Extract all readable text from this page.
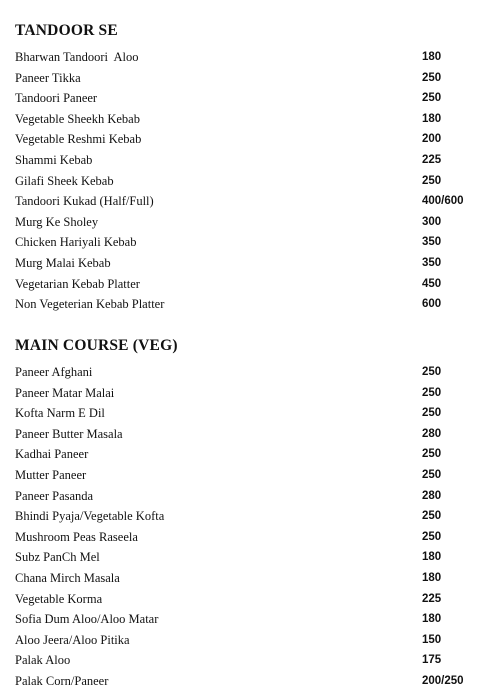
TANDOOR SE
Bharwan Tandoori  Aloo	180
Paneer Tikka	250
Tandoori Paneer	250
Vegetable Sheekh Kebab	180
Vegetable Reshmi Kebab	200
Shammi Kebab	225
Gilafi Sheek Kebab	250
Tandoori Kukad (Half/Full)	400/600
Murg Ke Sholey	300
Chicken Hariyali Kebab	350
Murg Malai Kebab	350
Vegetarian Kebab Platter	450
Non Vegeterian Kebab Platter	600
MAIN COURSE (VEG)
Paneer Afghani	250
Paneer Matar Malai	250
Kofta Narm E Dil	250
Paneer Butter Masala	280
Kadhai Paneer	250
Mutter Paneer	250
Paneer Pasanda	280
Bhindi Pyaja/Vegetable Kofta	250
Mushroom Peas Raseela	250
Subz PanCh Mel	180
Chana Mirch Masala	180
Vegetable Korma	225
Sofia Dum Aloo/Aloo Matar	180
Aloo Jeera/Aloo Pitika	150
Palak Aloo	175
Palak Corn/Paneer	200/250
